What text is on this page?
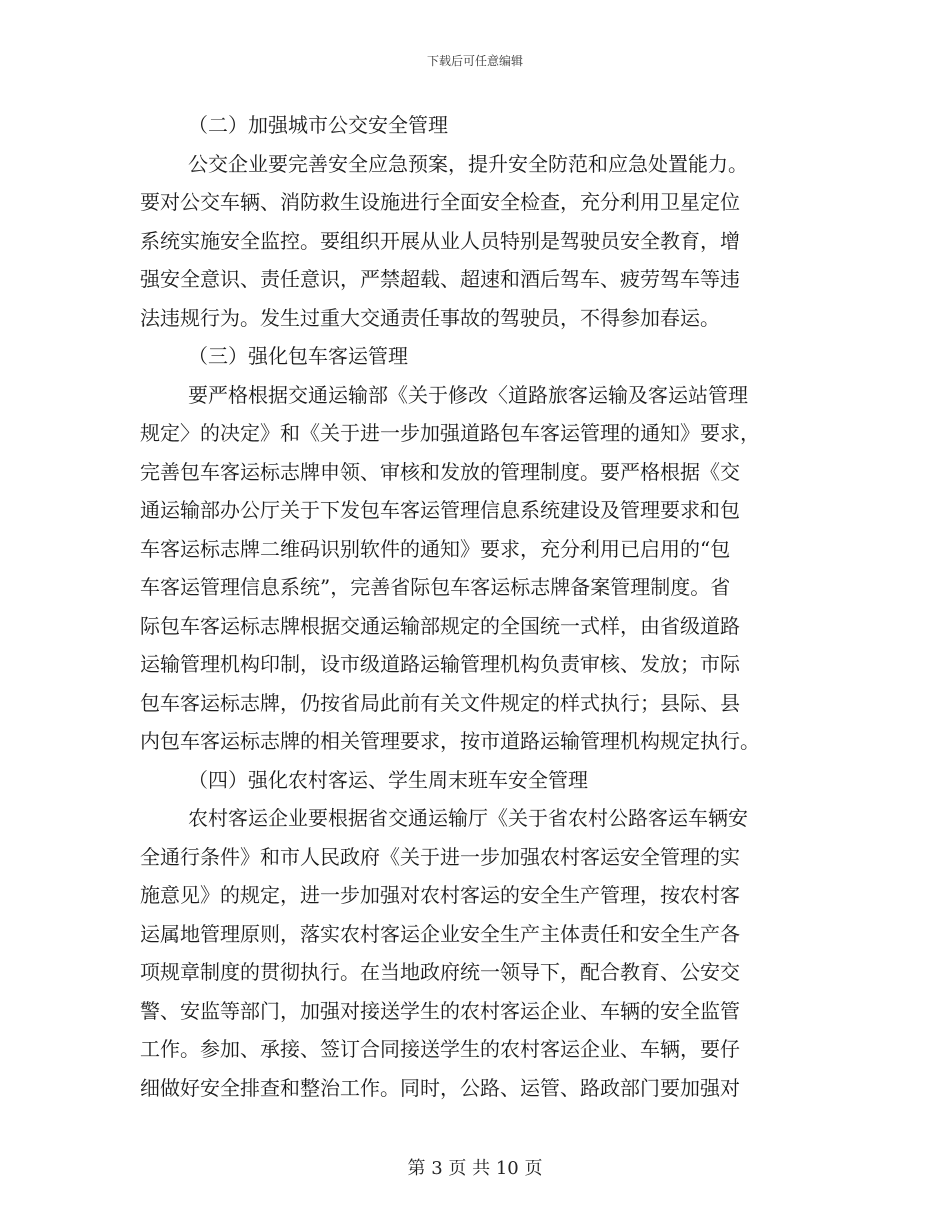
下载后可任意编辑
（二）加强城市公交安全管理
公交企业要完善安全应急预案，提升安全防范和应急处置能力。
要对公交车辆、消防救生设施进行全面安全检查，充分利用卫星定位
系统实施安全监控。要组织开展从业人员特别是驾驶员安全教育，增
强安全意识、责任意识，严禁超载、超速和酒后驾车、疲劳驾车等违
法违规行为。发生过重大交通责任事故的驾驶员，不得参加春运。
（三）强化包车客运管理
要严格根据交通运输部《关于修改〈道路旅客运输及客运站管理
规定〉的决定》和《关于进一步加强道路包车客运管理的通知》要求，
完善包车客运标志牌申领、审核和发放的管理制度。要严格根据《交
通运输部办公厅关于下发包车客运管理信息系统建设及管理要求和包
车客运标志牌二维码识别软件的通知》要求，充分利用已启用的“包
车客运管理信息系统”，完善省际包车客运标志牌备案管理制度。省
际包车客运标志牌根据交通运输部规定的全国统一式样，由省级道路
运输管理机构印制，设市级道路运输管理机构负责审核、发放；市际
包车客运标志牌，仍按省局此前有关文件规定的样式执行；县际、县
内包车客运标志牌的相关管理要求，按市道路运输管理机构规定执行。
（四）强化农村客运、学生周末班车安全管理
农村客运企业要根据省交通运输厅《关于省农村公路客运车辆安
全通行条件》和市人民政府《关于进一步加强农村客运安全管理的实
施意见》的规定，进一步加强对农村客运的安全生产管理，按农村客
运属地管理原则，落实农村客运企业安全生产主体责任和安全生产各
项规章制度的贯彻执行。在当地政府统一领导下，配合教育、公安交
警、安监等部门，加强对接送学生的农村客运企业、车辆的安全监管
工作。参加、承接、签订合同接送学生的农村客运企业、车辆，要仔
细做好安全排查和整治工作。同时，公路、运管、路政部门要加强对
第 3 页 共 10 页
